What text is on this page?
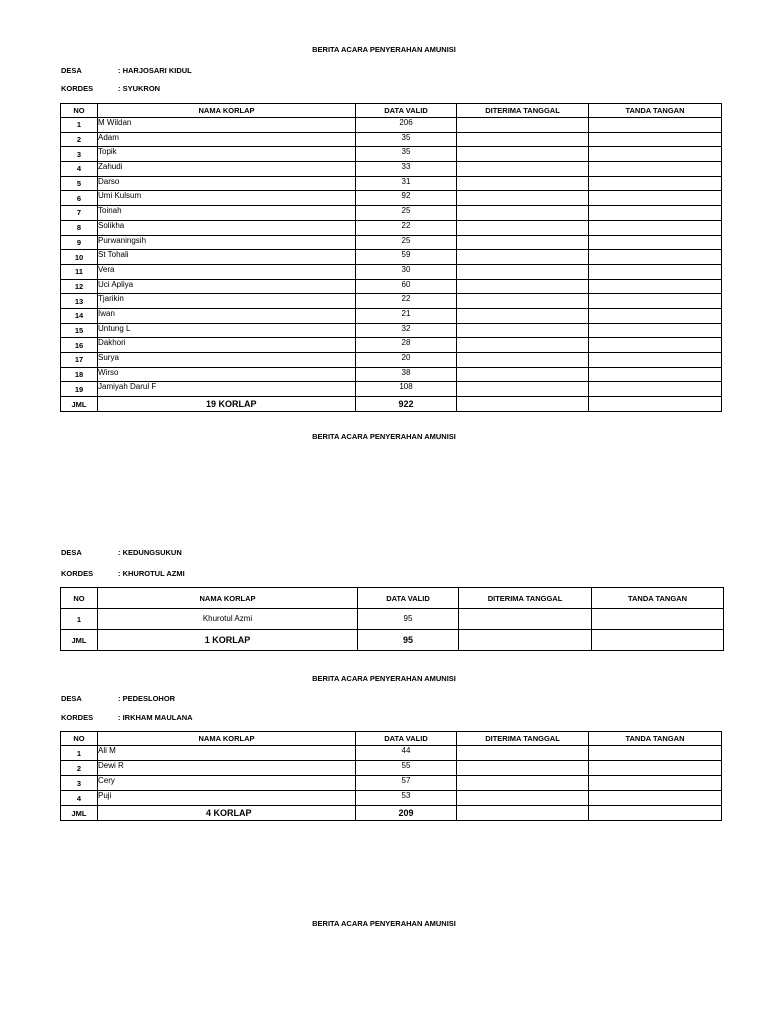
BERITA ACARA PENYERAHAN AMUNISI
DESA	: HARJOSARI KIDUL
KORDES	: SYUKRON
NO	NAMA KORLAP	DATA VALID	DITERIMA TANGGAL	TANDA TANGAN
1	M Wildan	206		
2	Adam	35		
3	Topik	35		
4	Zahudi	33		
5	Darso	31		
6	Umi Kulsum	92		
7	Toinah	25		
8	Solikha	22		
9	Purwaningsih	25		
10	St Tohali	59		
11	Vera	30		
12	Uci Apliya	60		
13	Tjarikin	22		
14	Iwan	21		
15	Untung L	32		
16	Dakhori	28		
17	Surya	20		
18	Wirso	38		
19	Jamiyah Darul F	108		
JML	19 KORLAP	922		
BERITA ACARA PENYERAHAN AMUNISI
DESA	: KEDUNGSUKUN
KORDES	: KHUROTUL AZMI
NO	NAMA KORLAP	DATA VALID	DITERIMA TANGGAL	TANDA TANGAN
1	Khurotul Azmi	95		
JML	1 KORLAP	95		
BERITA ACARA PENYERAHAN AMUNISI
DESA	: PEDESLOHOR
KORDES	: IRKHAM MAULANA
NO	NAMA KORLAP	DATA VALID	DITERIMA TANGGAL	TANDA TANGAN
1	Ali M	44		
2	Dewi R	55		
3	Cery	57		
4	Puji	53		
JML	4 KORLAP	209		
BERITA ACARA PENYERAHAN AMUNISI
